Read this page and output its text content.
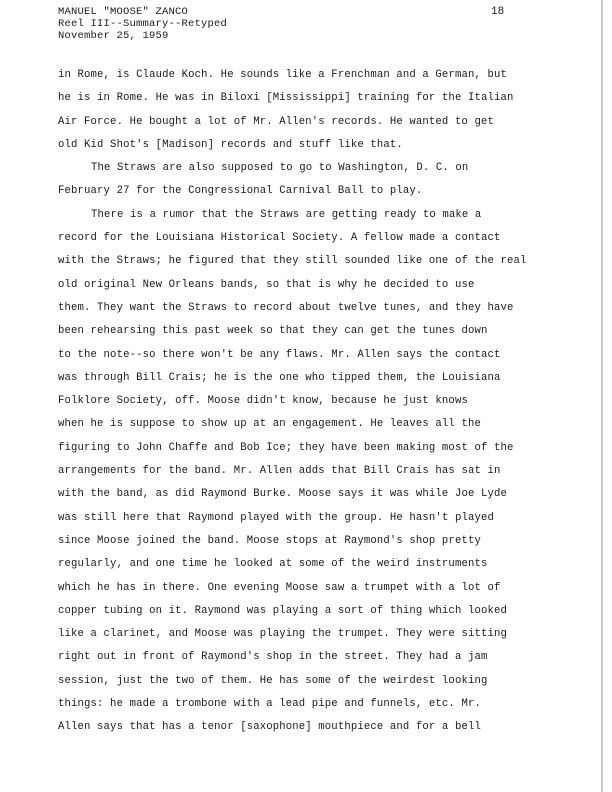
MANUEL "MOOSE" ZANCO
Reel III--Summary--Retyped
November 25, 1959
18
in Rome, is Claude Koch. He sounds like a Frenchman and a German, but
he is in Rome. He was in Biloxi [Mississippi] training for the Italian
Air Force. He bought a lot of Mr. Allen's records. He wanted to get
old Kid Shot's [Madison] records and stuff like that.
The Straws are also supposed to go to Washington, D. C. on
February 27 for the Congressional Carnival Ball to play.
There is a rumor that the Straws are getting ready to make a
record for the Louisiana Historical Society. A fellow made a contact
with the Straws; he figured that they still sounded like one of the real
old original New Orleans bands, so that is why he decided to use
them. They want the Straws to record about twelve tunes, and they have
been rehearsing this past week so that they can get the tunes down
to the note--so there won't be any flaws. Mr. Allen says the contact
was through Bill Crais; he is the one who tipped them, the Louisiana
Folklore Society, off. Moose didn't know, because he just knows
when he is suppose to show up at an engagement. He leaves all the
figuring to John Chaffe and Bob Ice; they have been making most of the
arrangements for the band. Mr. Allen adds that Bill Crais has sat in
with the band, as did Raymond Burke. Moose says it was while Joe Lyde
was still here that Raymond played with the group. He hasn't played
since Moose joined the band. Moose stops at Raymond's shop pretty
regularly, and one time he looked at some of the weird instruments
which he has in there. One evening Moose saw a trumpet with a lot of
copper tubing on it. Raymond was playing a sort of thing which looked
like a clarinet, and Moose was playing the trumpet. They were sitting
right out in front of Raymond's shop in the street. They had a jam
session, just the two of them. He has some of the weirdest looking
things: he made a trombone with a lead pipe and funnels, etc. Mr.
Allen says that has a tenor [saxophone] mouthpiece and for a bell
